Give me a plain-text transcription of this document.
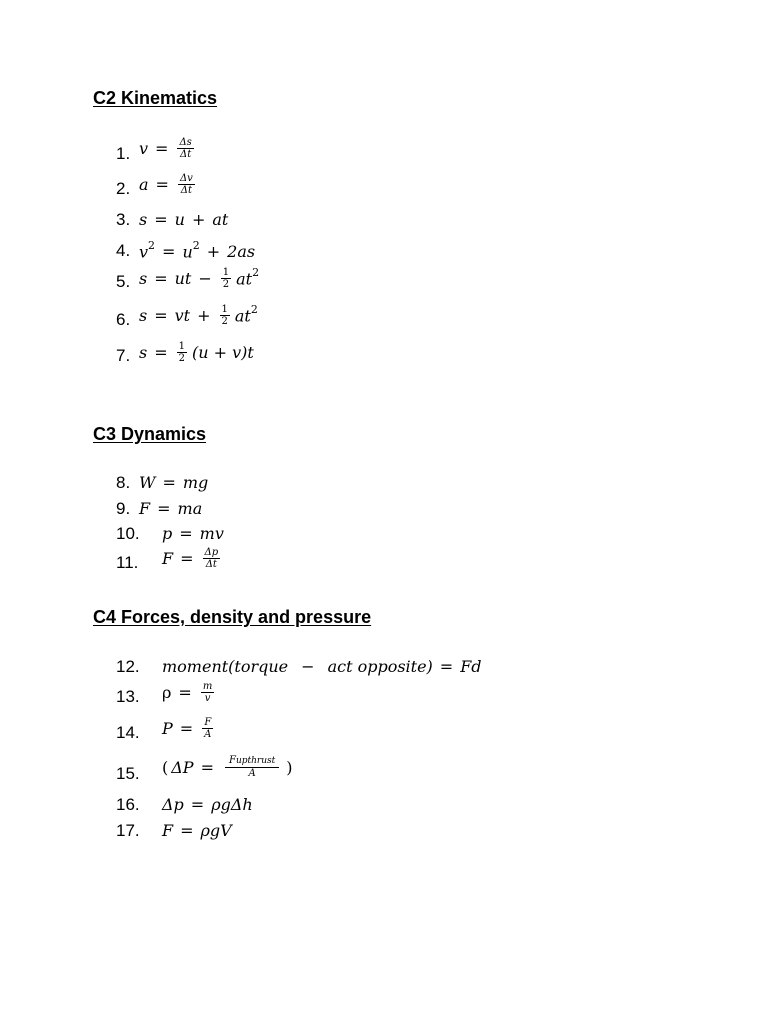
C2 Kinematics
C3 Dynamics
C4 Forces, density and pressure
1. $v = \frac{\Delta s}{\Delta t}$
2. $a = \frac{\Delta v}{\Delta t}$
3. s = u + at
4. $v^2 = u^2 + 2as$
5. s = ut − $\frac{1}{2} at^2$
6. s = vt + $\frac{1}{2} at^2$
7. $s = \frac{1}{2} (u + v)t$
8. W = mg
9. F = ma
10. p = mv
11. $F = \frac{\Delta p}{\Delta t}$
12. moment(torque − act opposite) = Fd
13. $\rho = \frac{m}{v}$
14. $P = \frac{F}{A}$
15. ( $\Delta P = \frac{\text{Fupthrust}}{A}$ )
16. Δp = ρgΔh
17. F = ρgV
